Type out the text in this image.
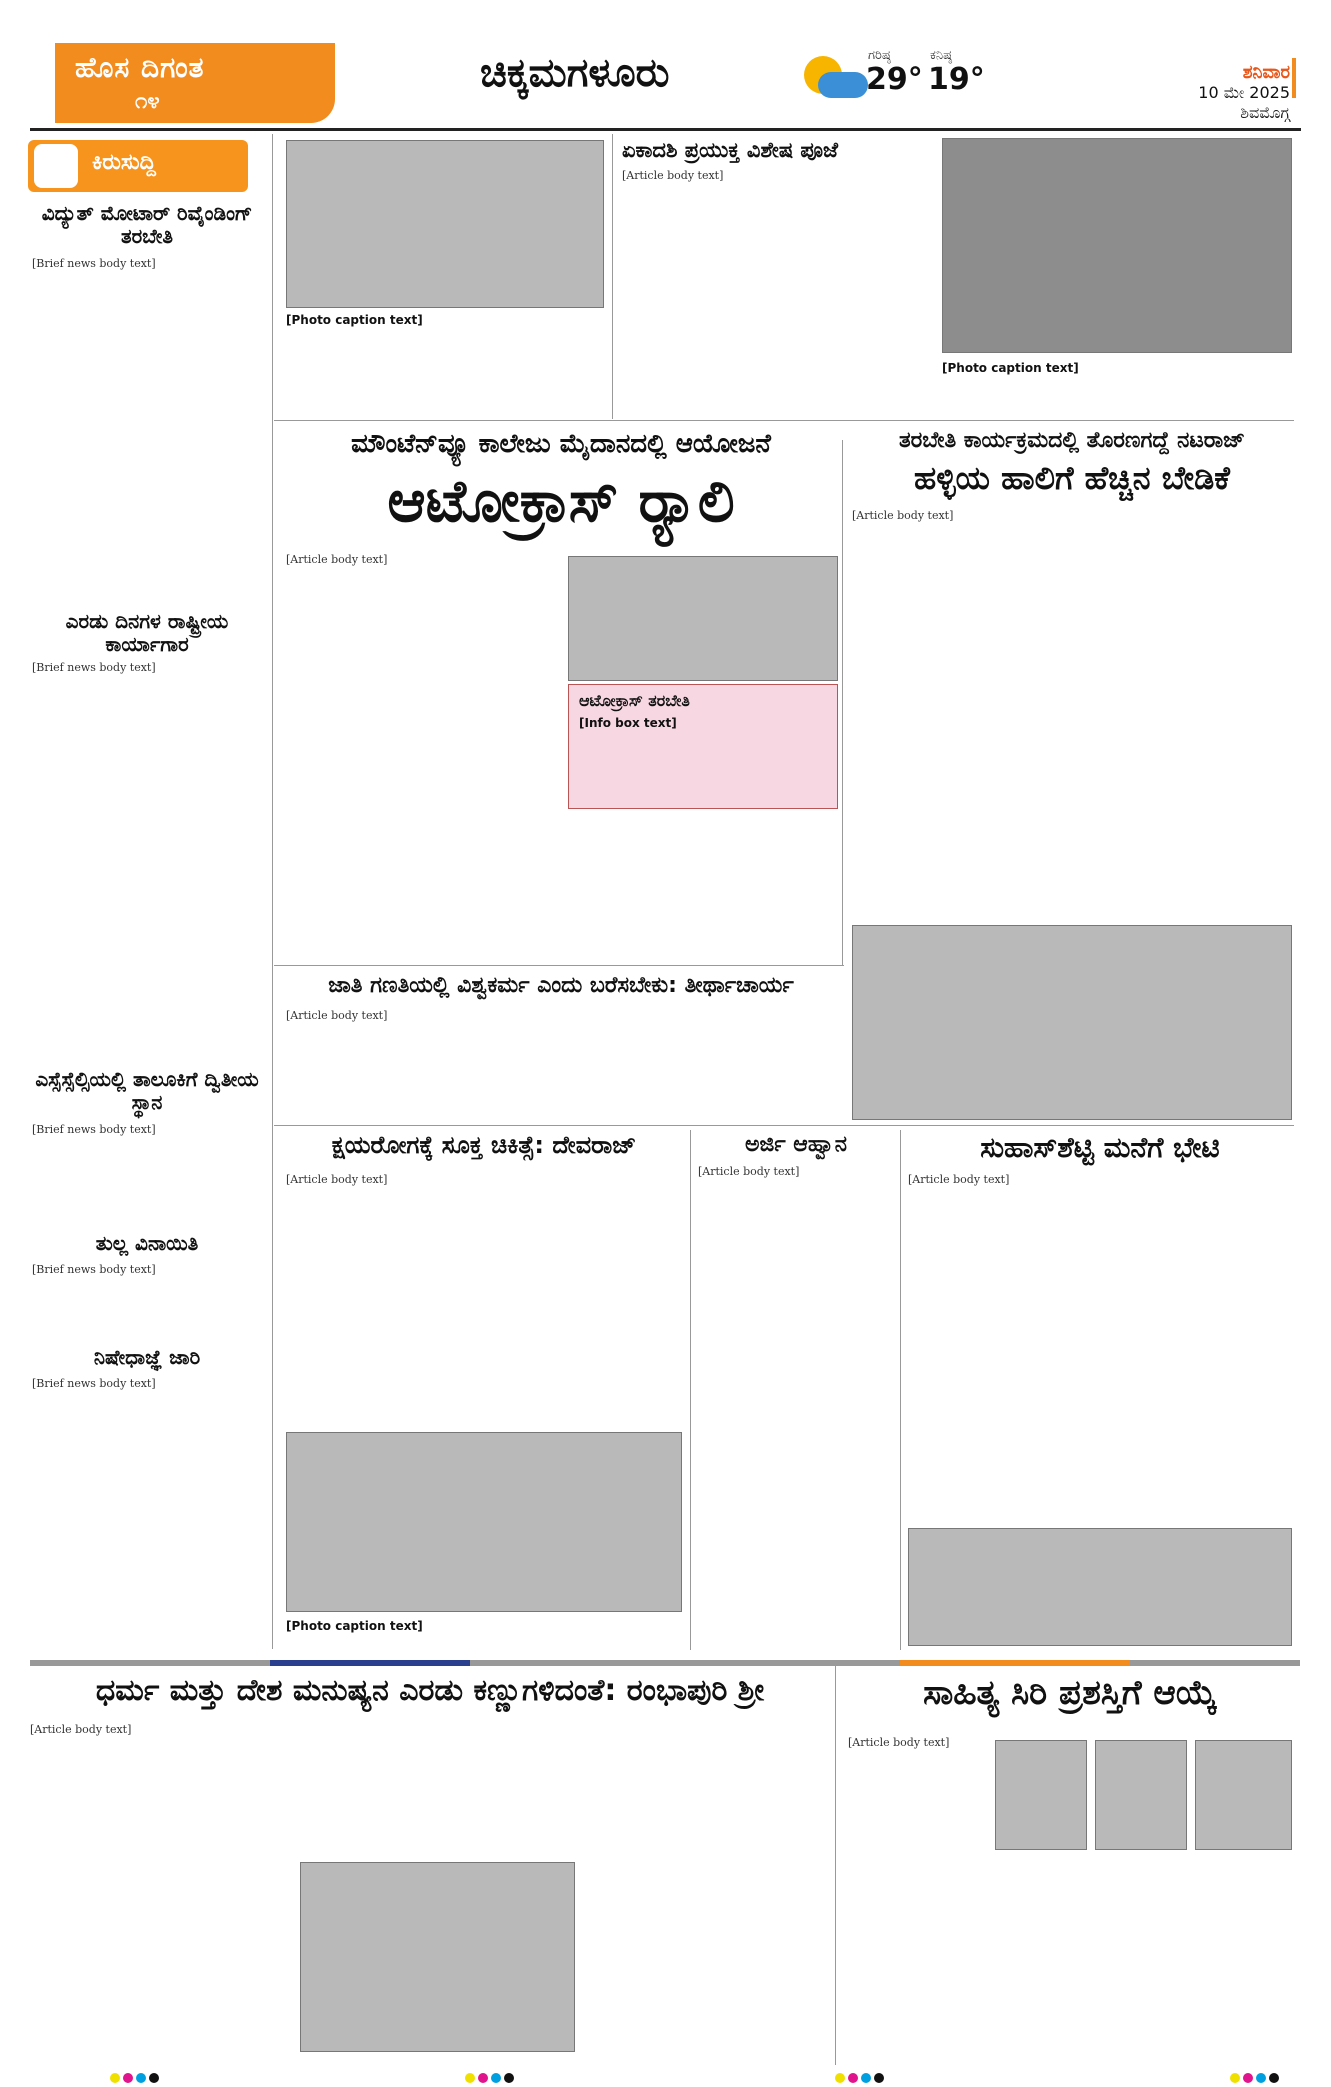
ಹೊಸ ದಿಗಂತ
೧೪
ಚಿಕ್ಕಮಗಳೂರು	ಗರಿಷ್ಠ
29°
ಕನಿಷ್ಠ
19°	ಶನಿವಾರ
10 ಮೇ 2025
ಶಿವಮೊಗ್ಗ
ಕಿರುಸುದ್ದಿ
ವಿದ್ಯುತ್ ಮೋಟಾರ್ ರಿವೈಂಡಿಂಗ್ ತರಬೇತಿ
[Brief news body text]
ಎರಡು ದಿನಗಳ ರಾಷ್ಟ್ರೀಯ ಕಾರ್ಯಾಗಾರ
[Brief news body text]
ಎಸ್ಸೆಸ್ಸೆಲ್ಸಿಯಲ್ಲಿ ತಾಲೂಕಿಗೆ ದ್ವಿತೀಯ ಸ್ಥಾನ
[Brief news body text]
ತುಲ್ಲ ವಿನಾಯಿತಿ
[Brief news body text]
ನಿಷೇಧಾಜ್ಞೆ ಜಾರಿ
[Brief news body text]
[Photo caption text]
ಏಕಾದಶಿ ಪ್ರಯುಕ್ತ ವಿಶೇಷ ಪೂಜೆ
[Article body text]
[Photo caption text]
ಮೌಂಟೆನ್‌ವ್ಯೂ ಕಾಲೇಜು ಮೈದಾನದಲ್ಲಿ ಆಯೋಜನೆ
ಆಟೋಕ್ರಾಸ್ ರ್‍ಯಾಲಿ
[Article body text]
ಆಟೋಕ್ರಾಸ್ ತರಬೇತಿ
[Info box text]
ತರಬೇತಿ ಕಾರ್ಯಕ್ರಮದಲ್ಲಿ ತೊರಣಗದ್ದೆ ನಟರಾಜ್
ಹಳ್ಳಿಯ ಹಾಲಿಗೆ ಹೆಚ್ಚಿನ ಬೇಡಿಕೆ
[Article body text]
ಜಾತಿ ಗಣತಿಯಲ್ಲಿ ವಿಶ್ವಕರ್ಮ ಎಂದು ಬರೆಸಬೇಕು: ತೀರ್ಥಾಚಾರ್ಯ
[Article body text]
ಕ್ಷಯರೋಗಕ್ಕೆ ಸೂಕ್ತ ಚಿಕಿತ್ಸೆ: ದೇವರಾಜ್
[Article body text]
[Photo caption text]
ಅರ್ಜಿ ಆಹ್ವಾನ
[Article body text]
ಸುಹಾಸ್‌ಶೆಟ್ಟಿ ಮನೆಗೆ ಭೇಟಿ
[Article body text]
ಧರ್ಮ ಮತ್ತು ದೇಶ ಮನುಷ್ಯನ ಎರಡು ಕಣ್ಣುಗಳಿದಂತೆ: ರಂಭಾಪುರಿ ಶ್ರೀ
[Article body text]
ಸಾಹಿತ್ಯ ಸಿರಿ ಪ್ರಶಸ್ತಿಗೆ ಆಯ್ಕೆ
[Article body text]
